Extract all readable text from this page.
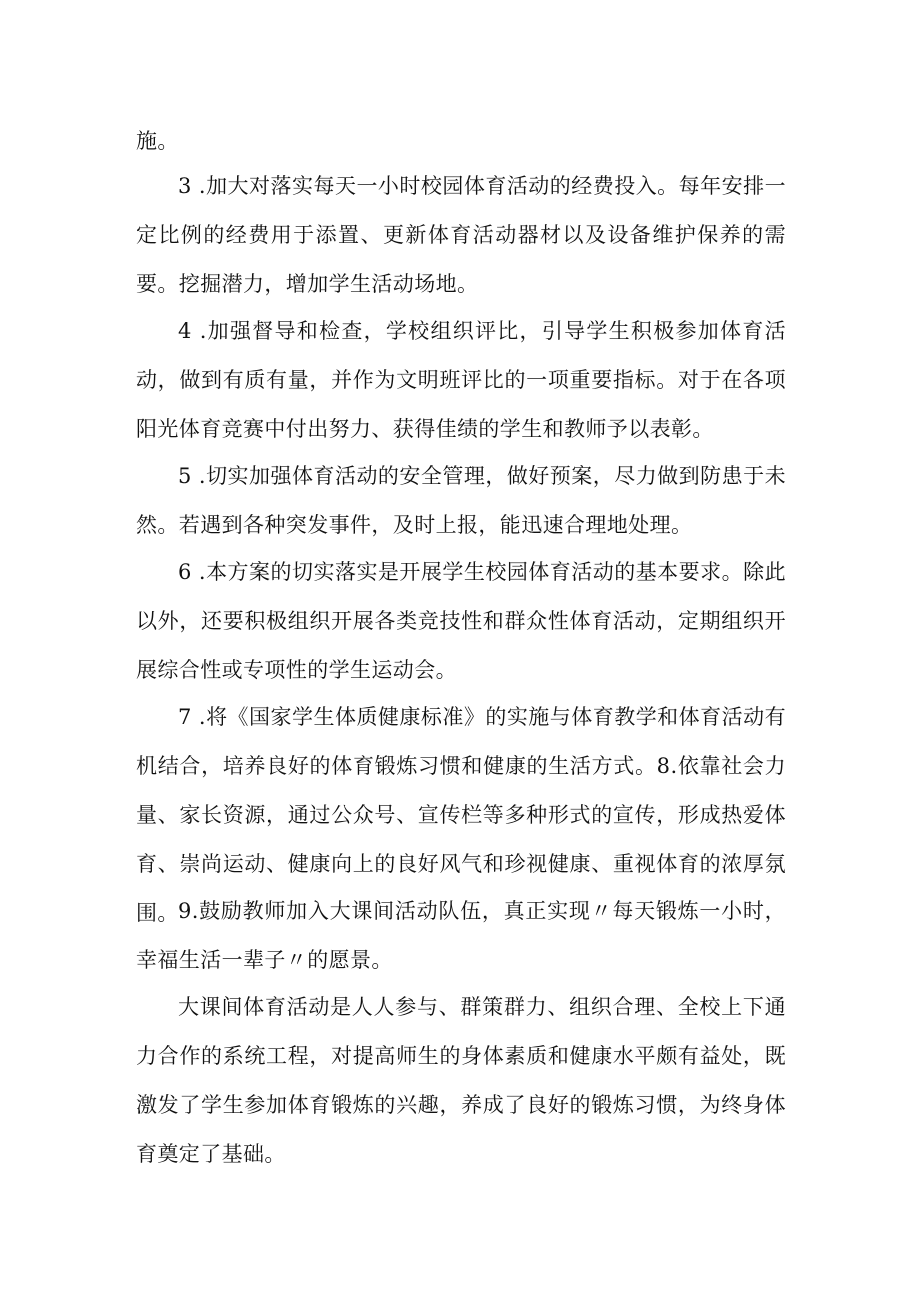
施。

3 .加大对落实每天一小时校园体育活动的经费投入。每年安排一定比例的经费用于添置、更新体育活动器材以及设备维护保养的需要。挖掘潜力，增加学生活动场地。

4 .加强督导和检查，学校组织评比，引导学生积极参加体育活动，做到有质有量，并作为文明班评比的一项重要指标。对于在各项阳光体育竞赛中付出努力、获得佳绩的学生和教师予以表彰。

5 .切实加强体育活动的安全管理，做好预案，尽力做到防患于未然。若遇到各种突发事件，及时上报，能迅速合理地处理。

6 .本方案的切实落实是开展学生校园体育活动的基本要求。除此以外，还要积极组织开展各类竞技性和群众性体育活动，定期组织开展综合性或专项性的学生运动会。

7 .将《国家学生体质健康标准》的实施与体育教学和体育活动有机结合，培养良好的体育锻炼习惯和健康的生活方式。8.依靠社会力量、家长资源，通过公众号、宣传栏等多种形式的宣传，形成热爱体育、崇尚运动、健康向上的良好风气和珍视健康、重视体育的浓厚氛围。 9.鼓励教师加入大课间活动队伍，真正实现〃每天锻炼一小时，幸福生活一辈子〃的愿景。

大课间体育活动是人人参与、群策群力、组织合理、全校上下通力合作的系统工程，对提高师生的身体素质和健康水平颇有益处，既激发了学生参加体育锻炼的兴趣，养成了良好的锻炼习惯，为终身体育奠定了基础。
